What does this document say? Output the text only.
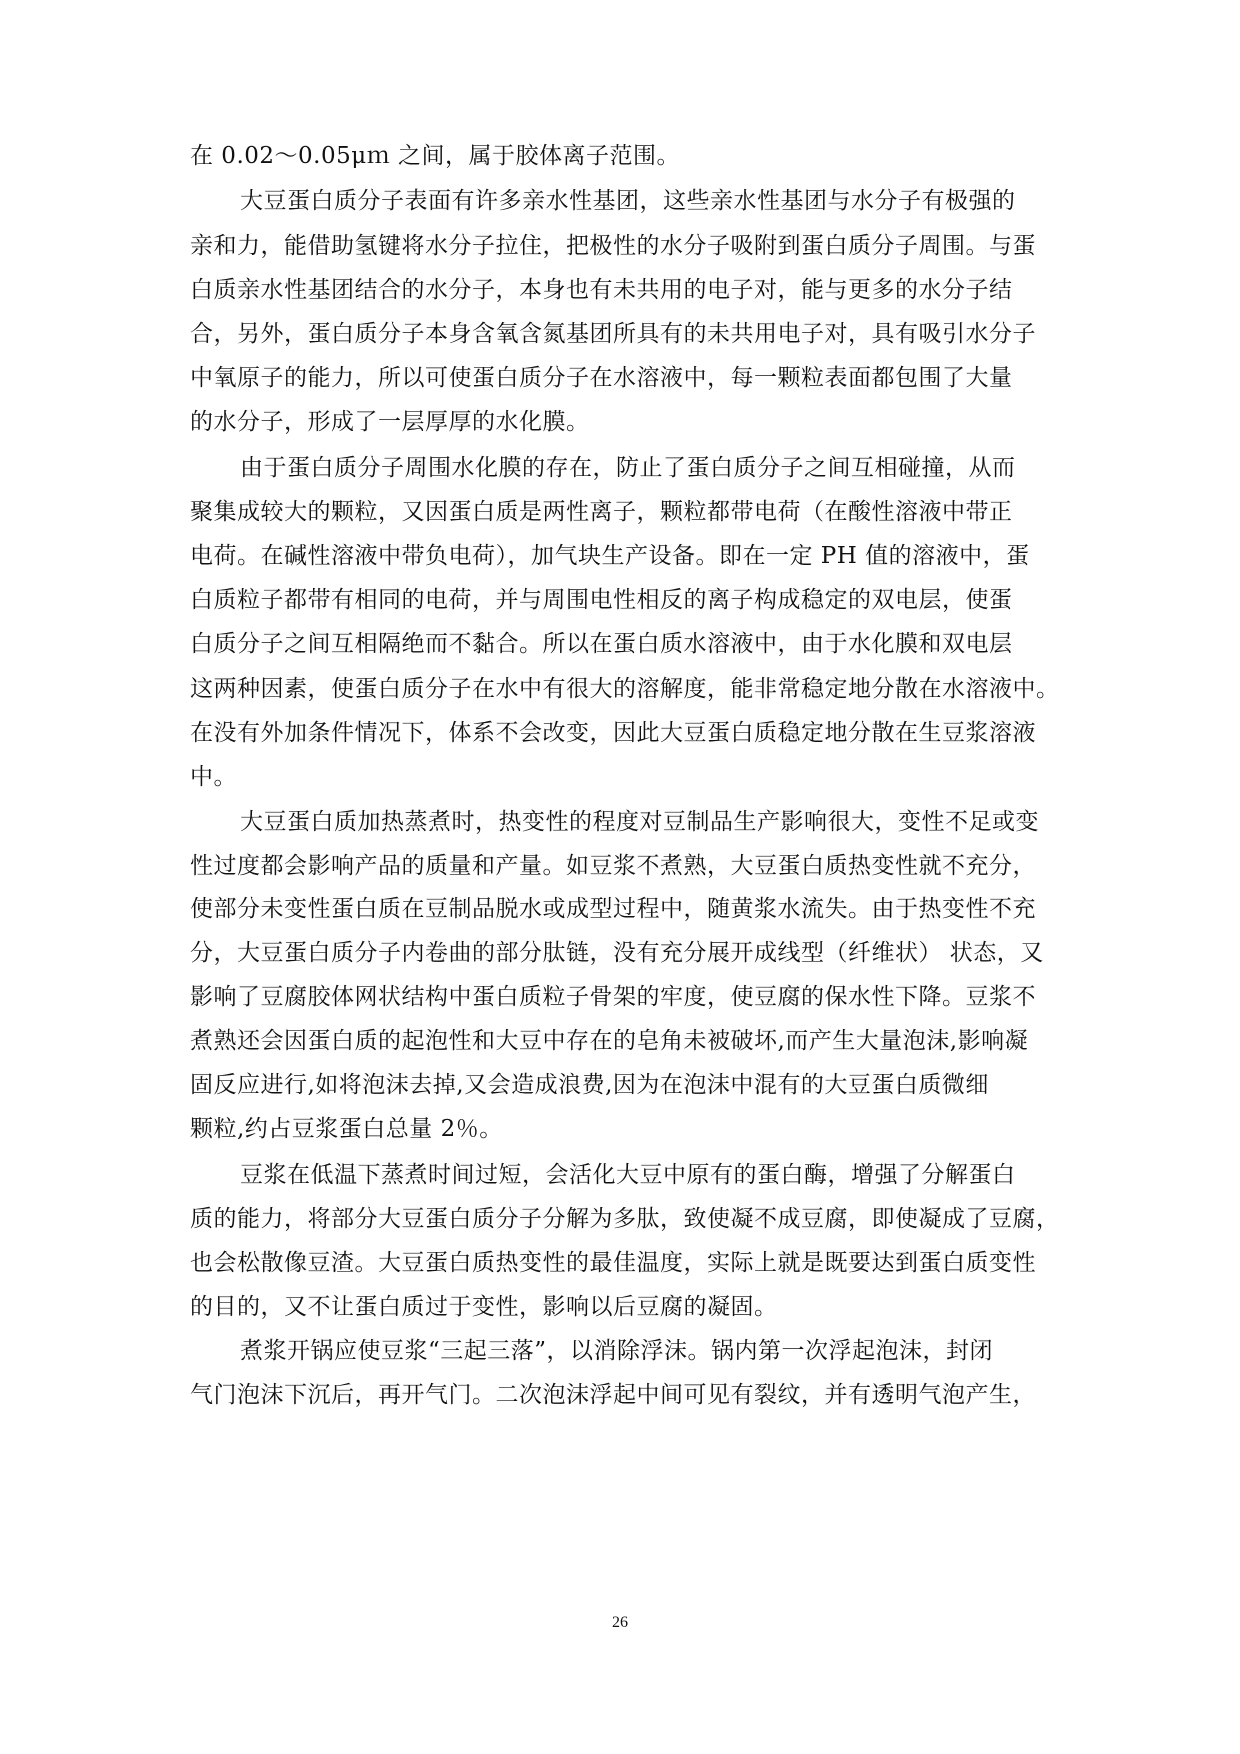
在 0.02～0.05μｍ 之间，属于胶体离子范围。
大豆蛋白质分子表面有许多亲水性基团，这些亲水性基团与水分子有极强的
亲和力，能借助氢键将水分子拉住，把极性的水分子吸附到蛋白质分子周围。与蛋
白质亲水性基团结合的水分子，本身也有未共用的电子对，能与更多的水分子结
合，另外，蛋白质分子本身含氧含氮基团所具有的未共用电子对，具有吸引水分子
中氧原子的能力，所以可使蛋白质分子在水溶液中，每一颗粒表面都包围了大量
的水分子，形成了一层厚厚的水化膜。
由于蛋白质分子周围水化膜的存在，防止了蛋白质分子之间互相碰撞，从而
聚集成较大的颗粒，又因蛋白质是两性离子，颗粒都带电荷（在酸性溶液中带正
电荷。在碱性溶液中带负电荷），加气块生产设备。即在一定 PH 值的溶液中，蛋
白质粒子都带有相同的电荷，并与周围电性相反的离子构成稳定的双电层，使蛋
白质分子之间互相隔绝而不黏合。所以在蛋白质水溶液中，由于水化膜和双电层
这两种因素，使蛋白质分子在水中有很大的溶解度，能非常稳定地分散在水溶液中。
在没有外加条件情况下，体系不会改变，因此大豆蛋白质稳定地分散在生豆浆溶液
中。
大豆蛋白质加热蒸煮时，热变性的程度对豆制品生产影响很大，变性不足或变
性过度都会影响产品的质量和产量。如豆浆不煮熟，大豆蛋白质热变性就不充分，
使部分未变性蛋白质在豆制品脱水或成型过程中，随黄浆水流失。由于热变性不充
分，大豆蛋白质分子内卷曲的部分肽链，没有充分展开成线型（纤维状） 状态，又
影响了豆腐胶体网状结构中蛋白质粒子骨架的牢度，使豆腐的保水性下降。豆浆不
煮熟还会因蛋白质的起泡性和大豆中存在的皂角未被破坏,而产生大量泡沫,影响凝
固反应进行,如将泡沫去掉,又会造成浪费,因为在泡沫中混有的大豆蛋白质微细
颗粒,约占豆浆蛋白总量 2％。
豆浆在低温下蒸煮时间过短，会活化大豆中原有的蛋白酶，增强了分解蛋白
质的能力，将部分大豆蛋白质分子分解为多肽，致使凝不成豆腐，即使凝成了豆腐，
也会松散像豆渣。大豆蛋白质热变性的最佳温度，实际上就是既要达到蛋白质变性
的目的，又不让蛋白质过于变性，影响以后豆腐的凝固。
煮浆开锅应使豆浆“三起三落”，以消除浮沫。锅内第一次浮起泡沫，封闭
气门泡沫下沉后，再开气门。二次泡沫浮起中间可见有裂纹，并有透明气泡产生，
26
